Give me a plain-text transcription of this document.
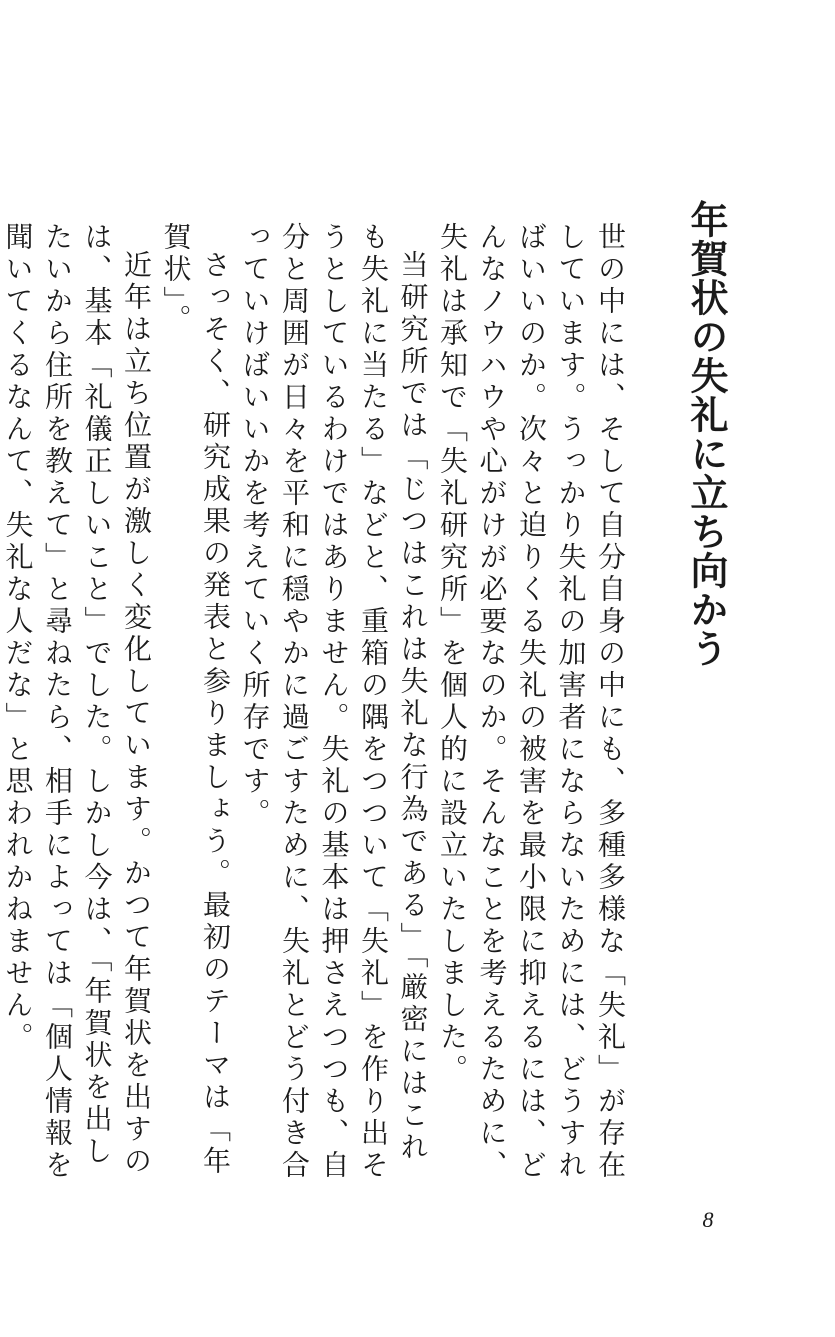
年賀状の失礼に立ち向かう

世の中には、そして自分自身の中にも、多種多様な「失礼」が存在しています。うっかり失礼の加害者にならないためには、どうすればいいのか。次々と迫りくる失礼の被害を最小限に抑えるには、どんなノウハウや心がけが必要なのか。そんなことを考えるために、失礼は承知で「失礼研究所」を個人的に設立いたしました。

当研究所では「じつはこれは失礼な行為である」「厳密にはこれも失礼に当たる」などと、重箱の隅をつついて「失礼」を作り出そうとしているわけではありません。失礼の基本は押さえつつも、自分と周囲が日々を平和に穏やかに過ごすために、失礼とどう付き合っていけばいいかを考えていく所存です。

さっそく、研究成果の発表と参りましょう。最初のテーマは「年賀状」。

近年は立ち位置が激しく変化しています。かつて年賀状を出すのは、基本「礼儀正しいこと」でした。しかし今は、「年賀状を出したいから住所を教えて」と尋ねたら、相手によっては「個人情報を聞いてくるなんて、失礼な人だな」と思われかねません。

8
